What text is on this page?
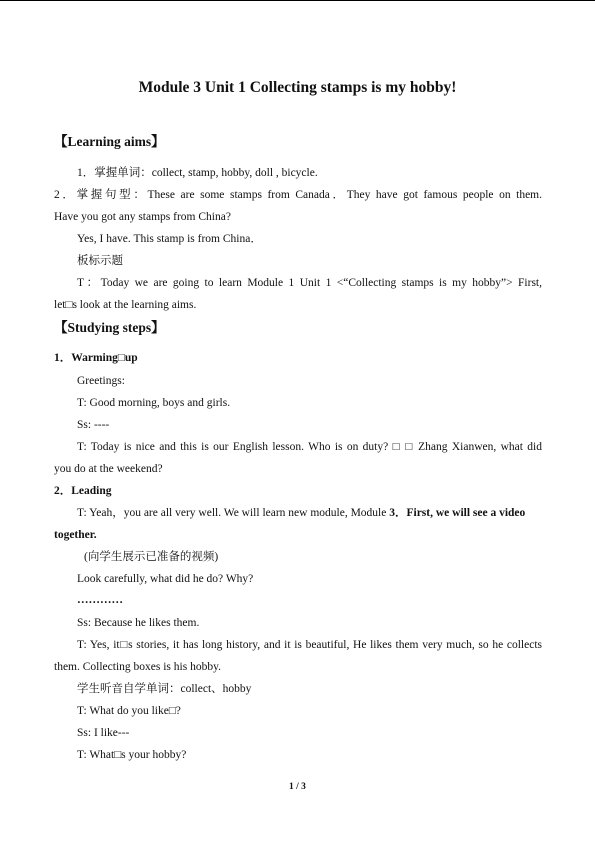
Module 3 Unit 1 Collecting stamps is my hobby!
【Learning aims】
1．掌握单词：collect, stamp, hobby, doll , bicycle.
2．掌握句型：These are some stamps from Canada．They have got famous people on them.
Have you got any stamps from China?
Yes, I have. This stamp is from China．
板标示题
T：Today we are going to learn Module 1 Unit 1 <“Collecting stamps is my hobby”> First,
let□s look at the learning aims.
【Studying steps】
1．Warming□up
Greetings:
T: Good morning, boys and girls.
Ss: ----
T: Today is nice and this is our English lesson. Who is on duty? □ □ Zhang Xianwen, what did
you do at the weekend?
2．Leading
T: Yeah，you are all very well. We will learn new module, Module 3．First, we will see a video
together.
(向学生展示已准备的视频)
Look carefully, what did he do? Why?
…………
Ss: Because he likes them.
T: Yes, it□s stories, it has long history, and it is beautiful, He likes them very much, so he collects
them. Collecting boxes is his hobby.
学生听音自学单词：collect、hobby
T: What do you like□?
Ss: I like---
T: What□s your hobby?
1 / 3
